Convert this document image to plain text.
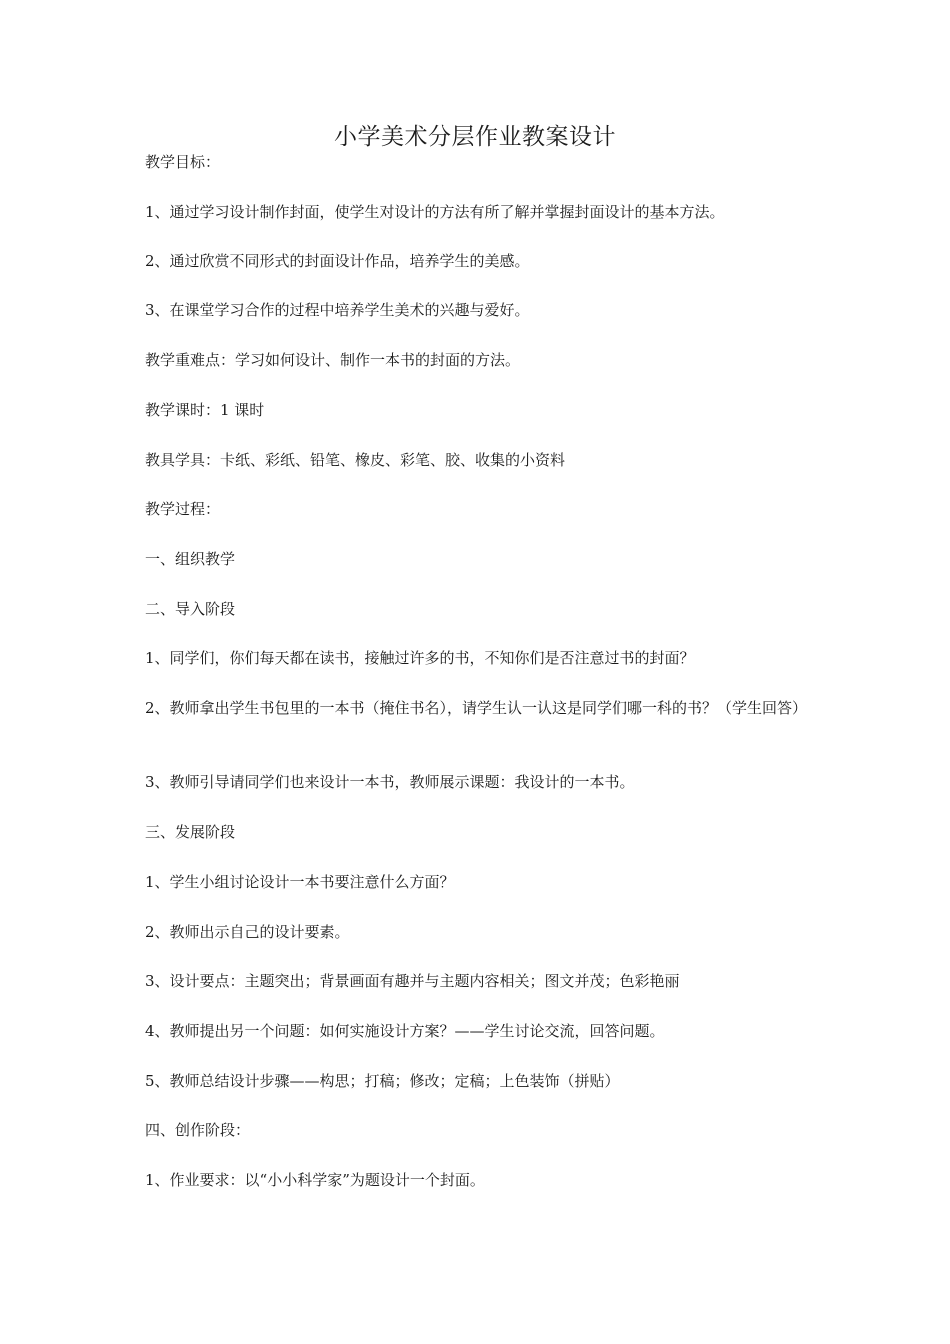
小学美术分层作业教案设计
教学目标：
1、通过学习设计制作封面，使学生对设计的方法有所了解并掌握封面设计的基本方法。
2、通过欣赏不同形式的封面设计作品，培养学生的美感。
3、在课堂学习合作的过程中培养学生美术的兴趣与爱好。
教学重难点：学习如何设计、制作一本书的封面的方法。
教学课时：1 课时
教具学具：卡纸、彩纸、铅笔、橡皮、彩笔、胶、收集的小资料
教学过程：
一、组织教学
二、导入阶段
1、同学们，你们每天都在读书，接触过许多的书，不知你们是否注意过书的封面？
2、教师拿出学生书包里的一本书（掩住书名），请学生认一认这是同学们哪一科的书？（学生回答）
3、教师引导请同学们也来设计一本书，教师展示课题：我设计的一本书。
三、发展阶段
1、学生小组讨论设计一本书要注意什么方面？
2、教师出示自己的设计要素。
3、设计要点：主题突出；背景画面有趣并与主题内容相关；图文并茂；色彩艳丽
4、教师提出另一个问题：如何实施设计方案？——学生讨论交流，回答问题。
5、教师总结设计步骤——构思；打稿；修改；定稿；上色装饰（拼贴）
四、创作阶段：
1、作业要求：以“小小科学家”为题设计一个封面。
